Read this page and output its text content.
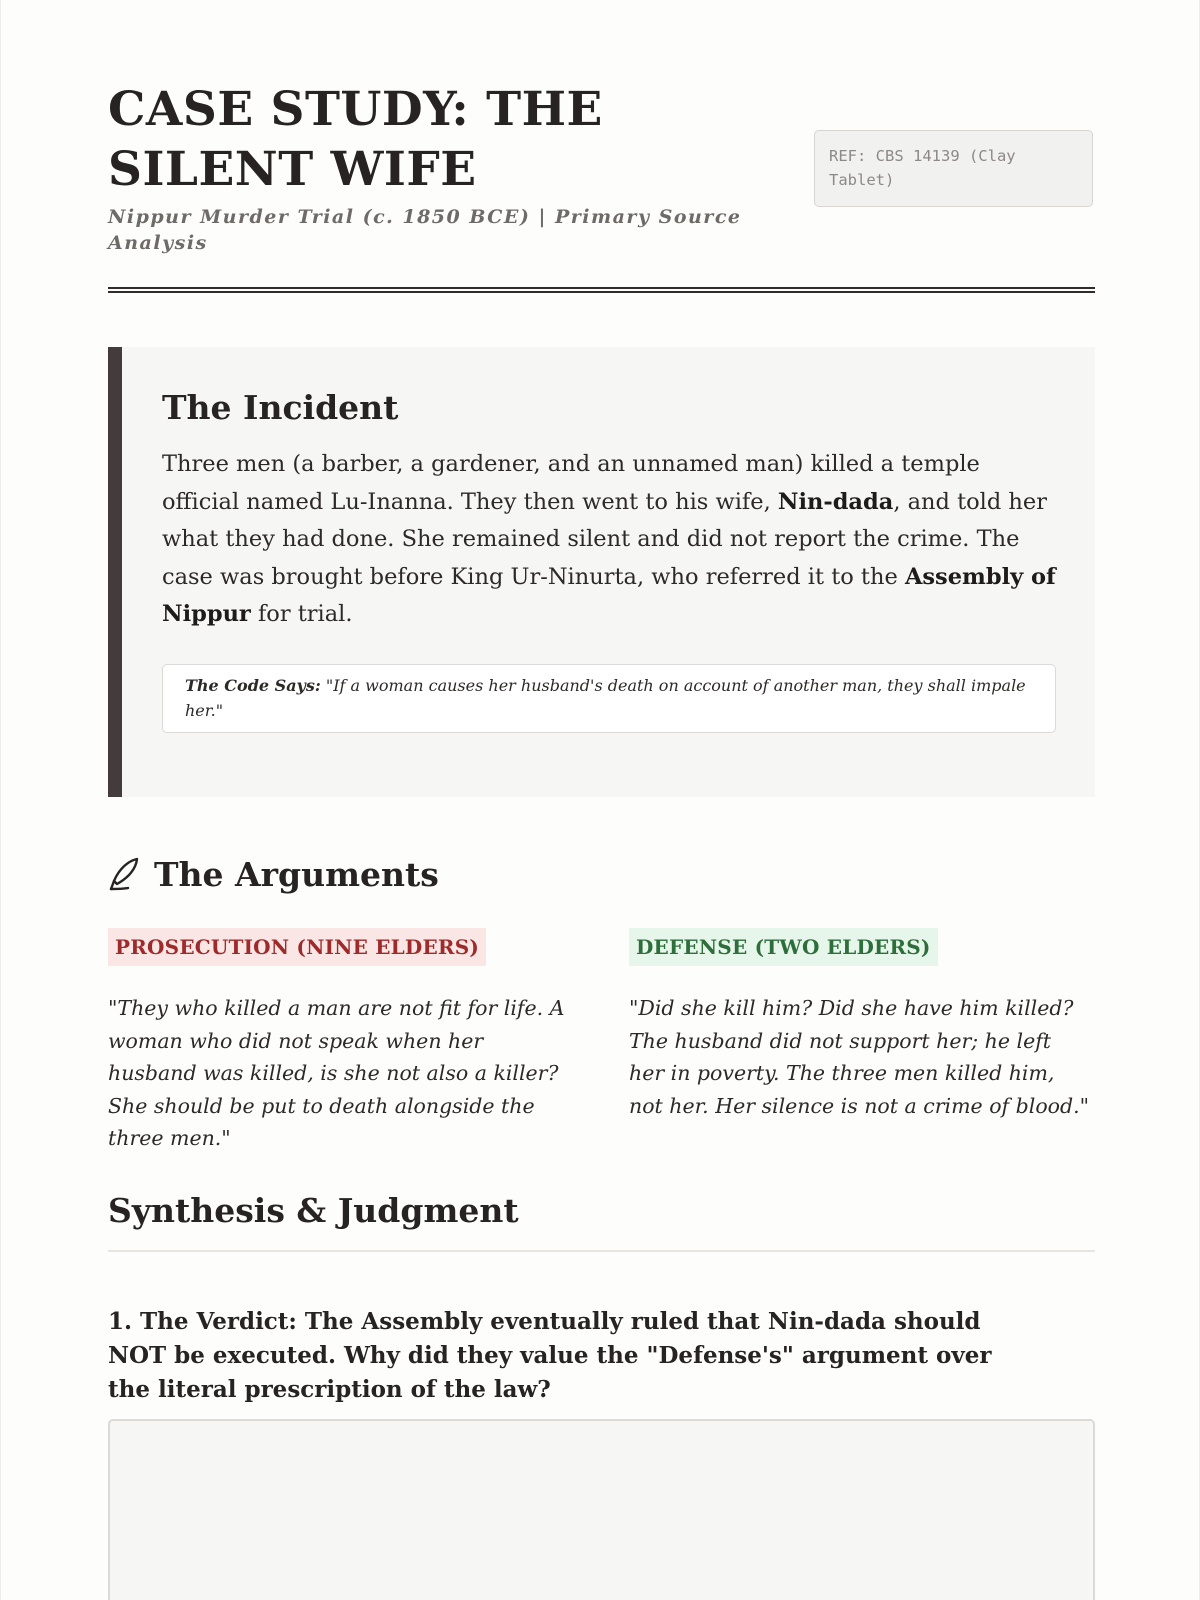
CASE STUDY: THE SILENT WIFE

Nippur Murder Trial (c. 1850 BCE) | Primary Source Analysis

REF: CBS 14139 (Clay Tablet)
The Incident

Three men (a barber, a gardener, and an unnamed man) killed a temple official named Lu-Inanna. They then went to his wife, Nin-dada, and told her what they had done. She remained silent and did not report the crime. The case was brought before King Ur-Ninurta, who referred it to the Assembly of Nippur for trial.

The Code Says: "If a woman causes her husband's death on account of another man, they shall impale her."
The Arguments
PROSECUTION (NINE ELDERS)

"They who killed a man are not fit for life. A woman who did not speak when her husband was killed, is she not also a killer? She should be put to death alongside the three men."

DEFENSE (TWO ELDERS)

"Did she kill him? Did she have him killed? The husband did not support her; he left her in poverty. The three men killed him, not her. Her silence is not a crime of blood."

Synthesis & Judgment

1. The Verdict: The Assembly eventually ruled that Nin-dada should NOT be executed. Why did they value the "Defense's" argument over the literal prescription of the law?
